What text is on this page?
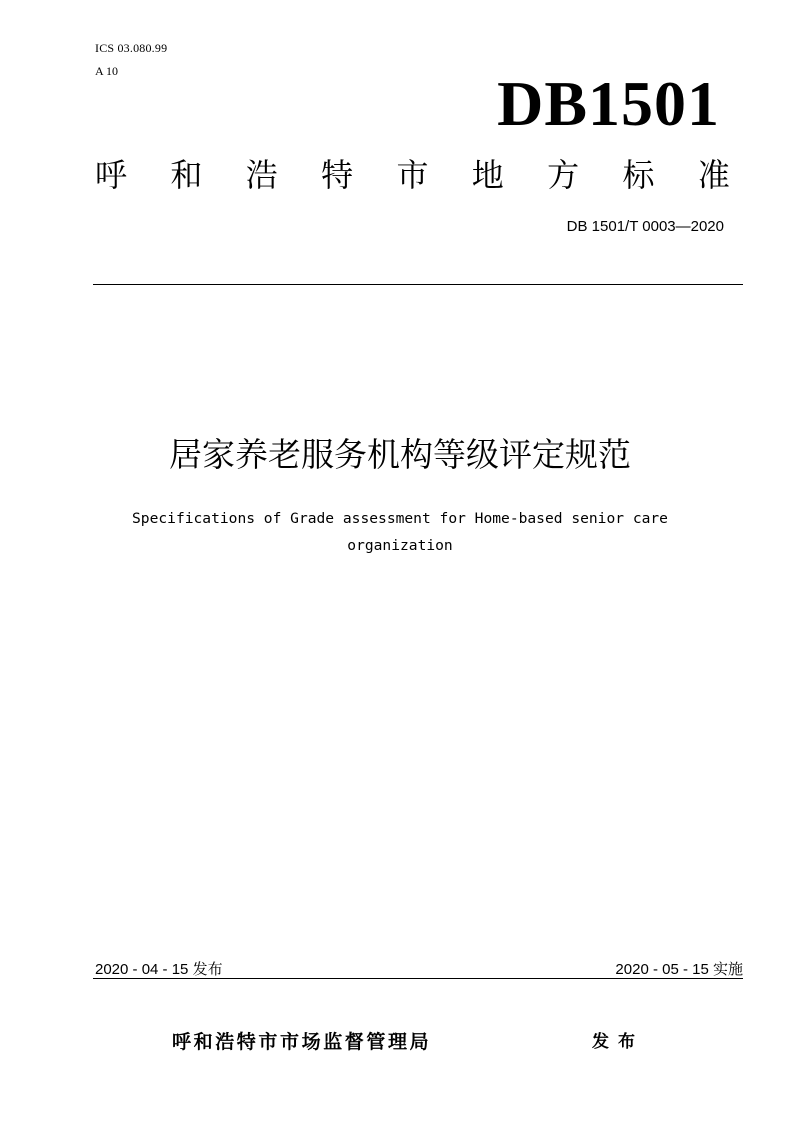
ICS 03.080.99
A 10	DB1501
呼 和 浩 特 市 地 方 标 准
DB 1501/T 0003—2020
居家养老服务机构等级评定规范
Specifications of Grade assessment for Home-based senior care
organization
2020 - 04 - 15 发布	2020 - 05 - 15 实施
呼和浩特市市场监督管理局	发布
